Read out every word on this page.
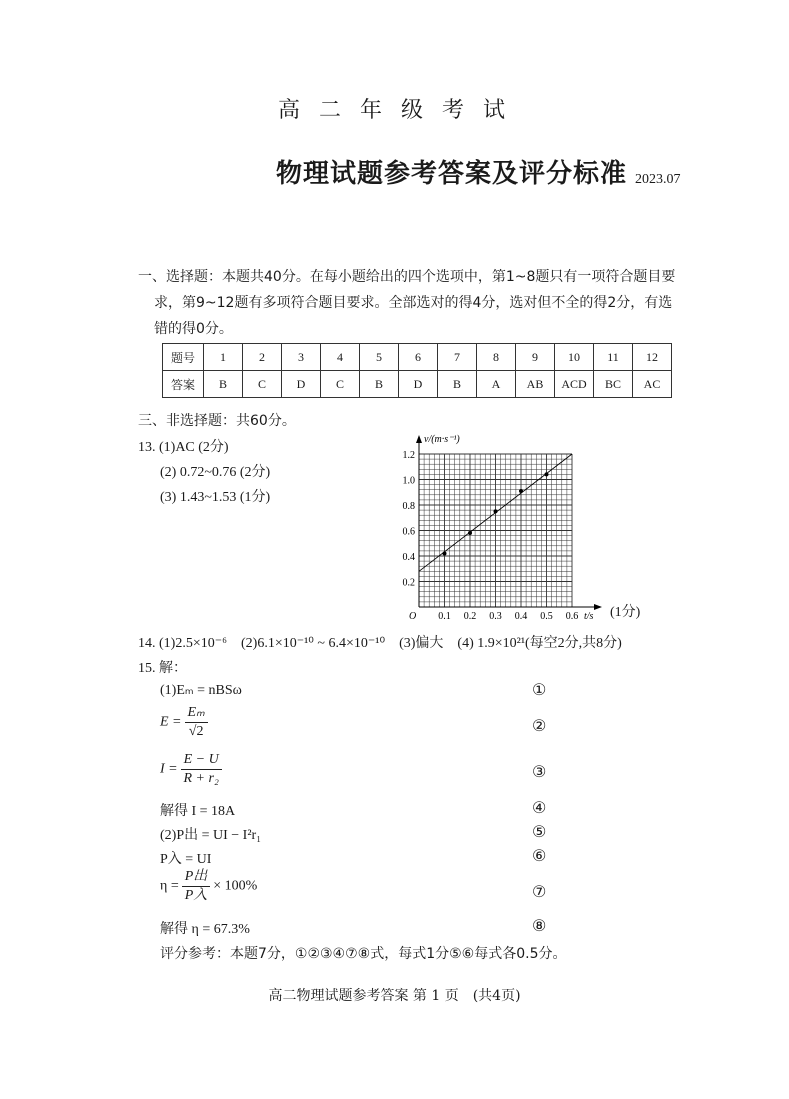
高 二 年 级 考 试
物理试题参考答案及评分标准 2023.07
一、选择题：本题共40分。在每小题给出的四个选项中，第1~8题只有一项符合题目要
求，第9~12题有多项符合题目要求。全部选对的得4分，选对但不全的得2分，有选
错的得0分。
题号	1	2	3	4	5	6	7	8	9	10	11	12
答案	B	C	D	C	B	D	B	A	AB	ACD	BC	AC
三、非选择题：共60分。
13. (1)AC (2分)
(2) 0.72~0.76 (2分)
(3) 1.43~1.53 (1分)
0.1 0.2 0.3 0.4 0.5 0.6
0.2
0.4
0.6
0.8
1.0
1.2
O
v/(m·s⁻¹)
t/s (1分)
14. (1)2.5×10⁻⁶　(2)6.1×10⁻¹⁰ ~ 6.4×10⁻¹⁰　(3)偏大　(4) 1.9×10²¹(每空2分,共8分)
15. 解：
(1)Eₘ = nBSω
$E = \frac{\text{Eₘ}}{√2}$
$I = \frac{E - U}{\text{R + r₂}}$
解得 I = 18A
(2)P出 = UI − I²r₁
P入 = UI
$\eta = \frac{\text{P出}}{\text{P入}} \times 100\%$
解得 η = 67.3%
①
②
③
④
⑤
⑥
⑦
⑧
评分参考：本题7分，①②③④⑦⑧式，每式1分⑤⑥每式各0.5分。
高二物理试题参考答案 第 1 页　(共4页)
